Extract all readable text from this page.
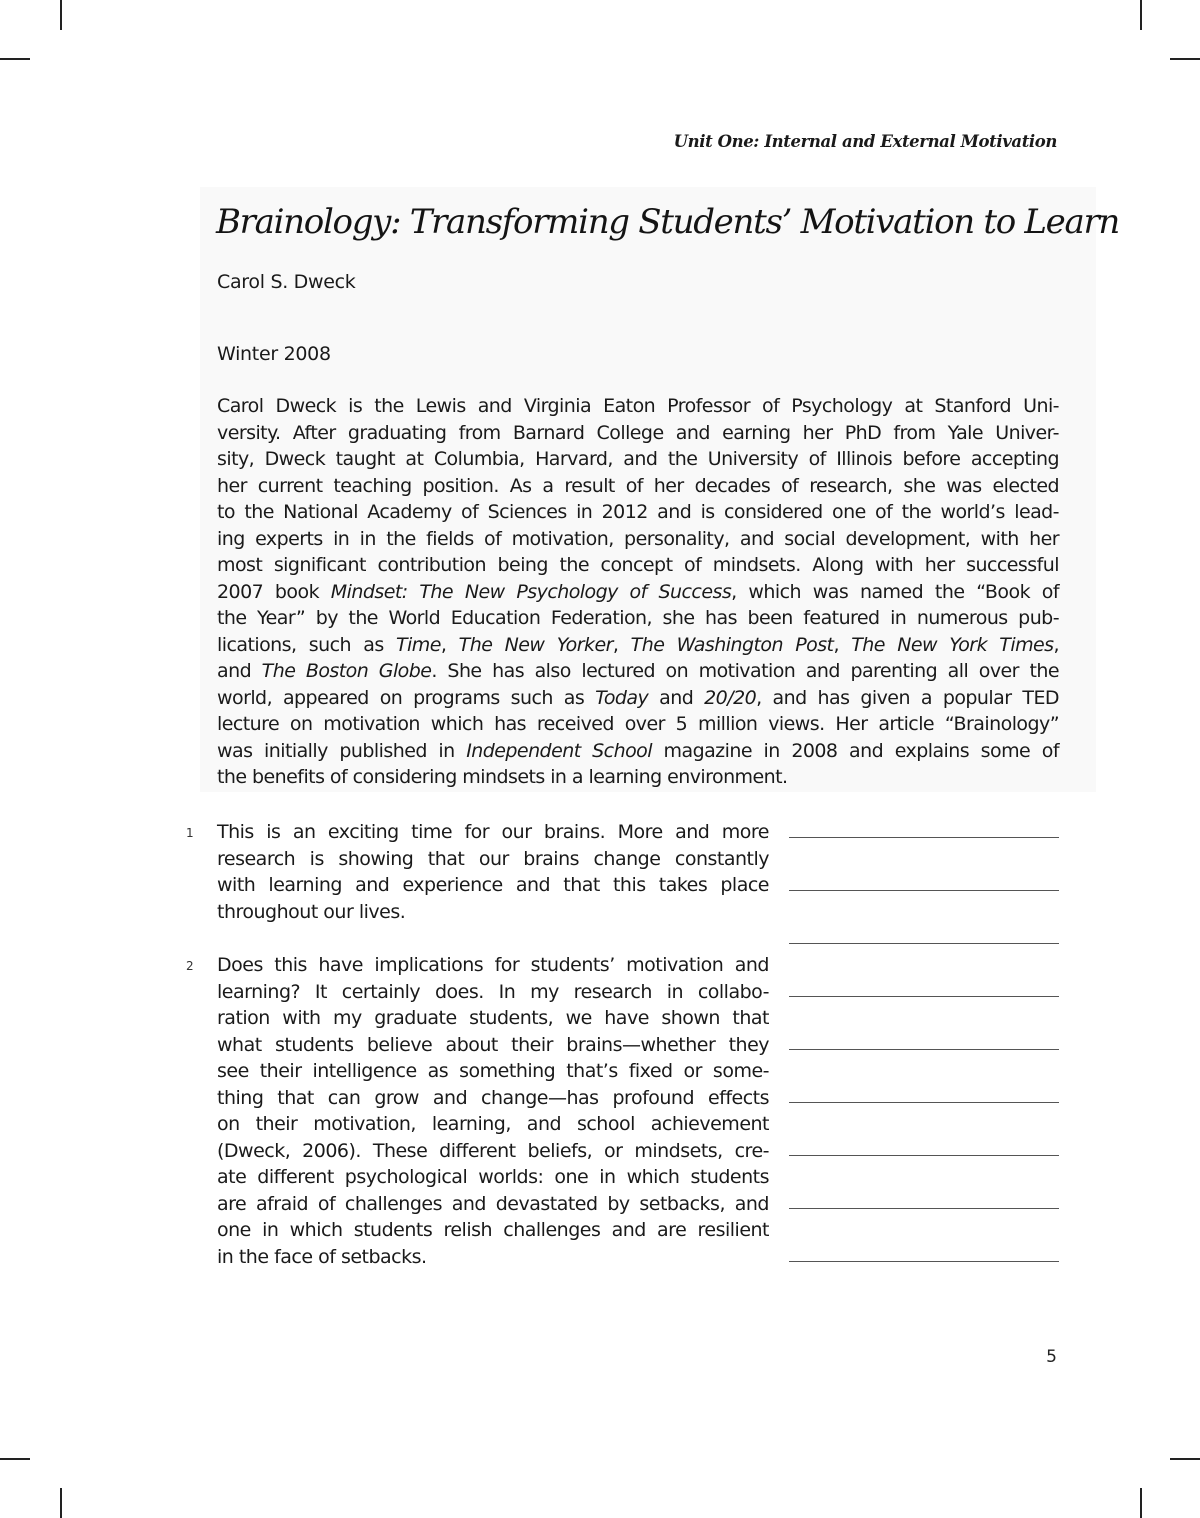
Unit One: Internal and External Motivation
Brainology: Transforming Students’ Motivation to Learn
Carol S. Dweck
Winter 2008
Carol Dweck is the Lewis and Virginia Eaton Professor of Psychology at Stanford Uni-
versity. After graduating from Barnard College and earning her PhD from Yale Univer-
sity, Dweck taught at Columbia, Harvard, and the University of Illinois before accepting
her current teaching position. As a result of her decades of research, she was elected
to the National Academy of Sciences in 2012 and is considered one of the world’s lead-
ing experts in in the fields of motivation, personality, and social development, with her
most significant contribution being the concept of mindsets. Along with her successful
2007 book Mindset: The New Psychology of Success, which was named the “Book of
the Year” by the World Education Federation, she has been featured in numerous pub-
lications, such as Time, The New Yorker, The Washington Post, The New York Times,
and The Boston Globe. She has also lectured on motivation and parenting all over the
world, appeared on programs such as Today and 20/20, and has given a popular TED
lecture on motivation which has received over 5 million views. Her article “Brainology”
was initially published in Independent School magazine in 2008 and explains some of
the benefits of considering mindsets in a learning environment.
1 This is an exciting time for our brains. More and more
research is showing that our brains change constantly
with learning and experience and that this takes place
throughout our lives.
2 Does this have implications for students’ motivation and
learning? It certainly does. In my research in collabo-
ration with my graduate students, we have shown that
what students believe about their brains—whether they
see their intelligence as something that’s fixed or some-
thing that can grow and change—has profound effects
on their motivation, learning, and school achievement
(Dweck, 2006). These different beliefs, or mindsets, cre-
ate different psychological worlds: one in which students
are afraid of challenges and devastated by setbacks, and
one in which students relish challenges and are resilient
in the face of setbacks.
5
